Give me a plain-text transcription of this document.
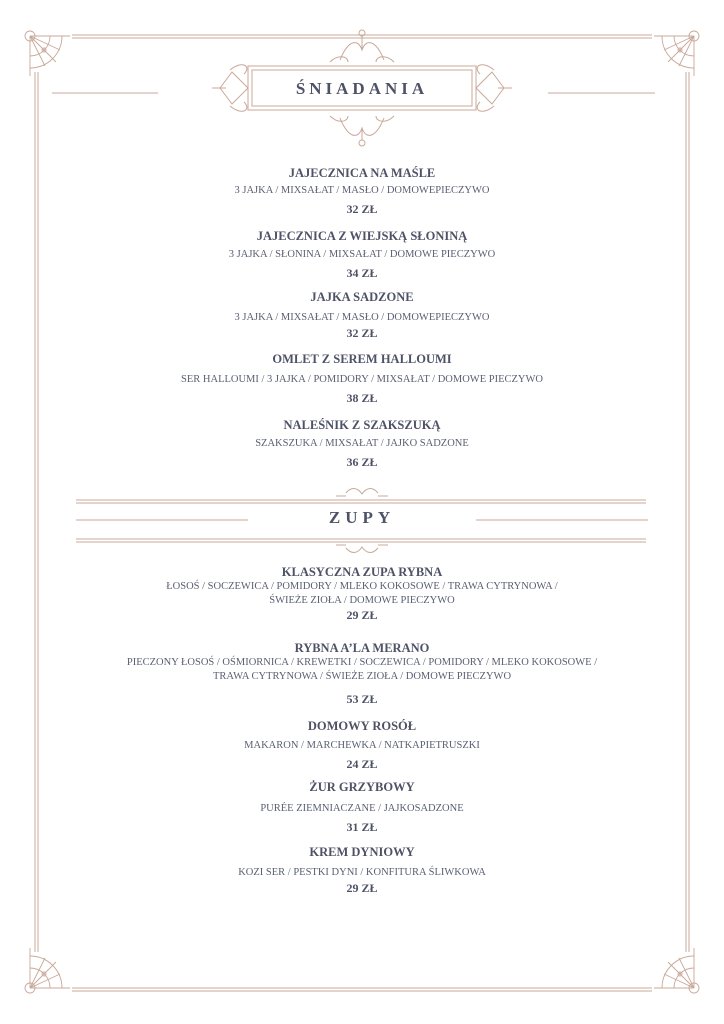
ŚNIADANIA
JAJECZNICA NA MAŚLE
3 JAJKA / MIXSAŁAT / MASŁO / DOMOWEPIECZYWO
32 ZŁ
JAJECZNICA Z WIEJSKĄ SŁONINĄ
3 JAJKA / SŁONINA / MIXSAŁAT / DOMOWE PIECZYWO
34 ZŁ
JAJKA SADZONE
3 JAJKA / MIXSAŁAT / MASŁO / DOMOWEPIECZYWO
32 ZŁ
OMLET Z SEREM HALLOUMI
SER HALLOUMI / 3 JAJKA / POMIDORY / MIXSAŁAT / DOMOWE PIECZYWO
38 ZŁ
NALEŚNIK Z SZAKSZUKĄ
SZAKSZUKA / MIXSAŁAT / JAJKO SADZONE
36 ZŁ
ZUPY
KLASYCZNA ZUPA RYBNA
ŁOSOŚ / SOCZEWICA / POMIDORY / MLEKO KOKOSOWE / TRAWA CYTRYNOWA /
ŚWIEŻE ZIOŁA / DOMOWE PIECZYWO
29 ZŁ
RYBNA A’LA MERANO
PIECZONY ŁOSOŚ / OŚMIORNICA / KREWETKI / SOCZEWICA / POMIDORY / MLEKO KOKOSOWE /
TRAWA CYTRYNOWA / ŚWIEŻE ZIOŁA / DOMOWE PIECZYWO
53 ZŁ
DOMOWY ROSÓŁ
MAKARON / MARCHEWKA / NATKAPIETRUSZKI
24 ZŁ
ŻUR GRZYBOWY
PURÉE ZIEMNIACZANE / JAJKOSADZONE
31 ZŁ
KREM DYNIOWY
KOZI SER / PESTKI DYNI / KONFITURA ŚLIWKOWA
29 ZŁ
